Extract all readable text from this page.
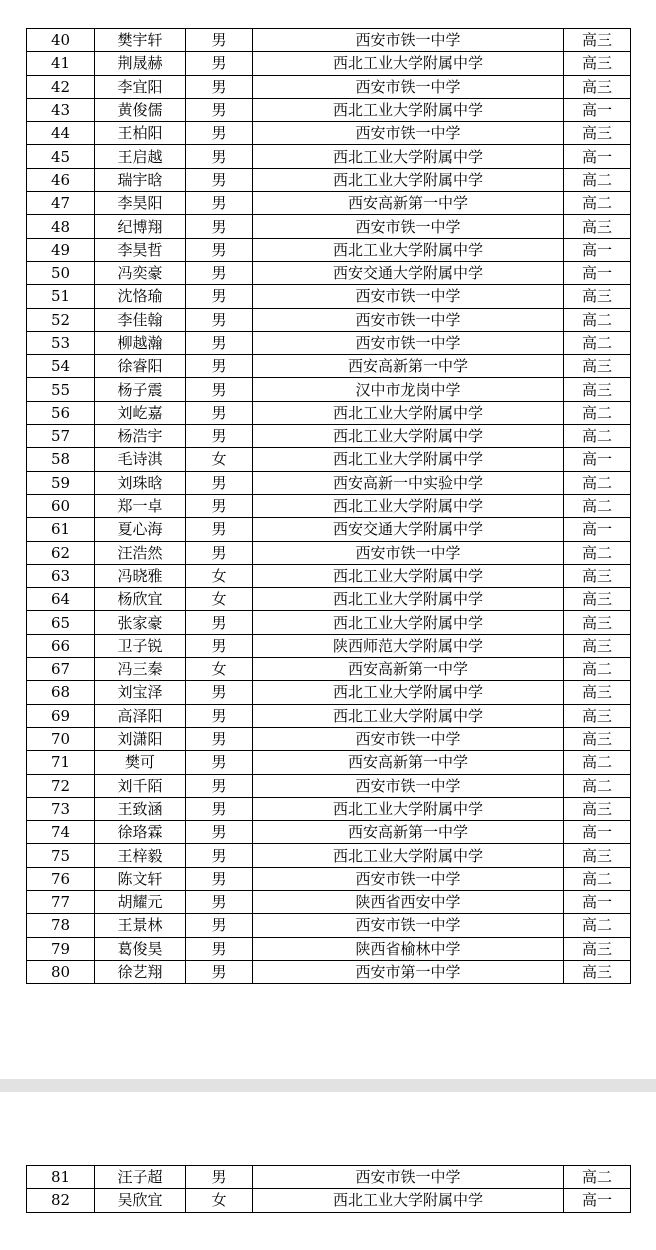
40	樊宇轩	男	西安市铁一中学	高三
41	荆晟赫	男	西北工业大学附属中学	高三
42	李宜阳	男	西安市铁一中学	高三
43	黄俊儒	男	西北工业大学附属中学	高一
44	王柏阳	男	西安市铁一中学	高三
45	王启越	男	西北工业大学附属中学	高一
46	瑞宇晗	男	西北工业大学附属中学	高二
47	李昊阳	男	西安高新第一中学	高二
48	纪博翔	男	西安市铁一中学	高三
49	李昊哲	男	西北工业大学附属中学	高一
50	冯奕豪	男	西安交通大学附属中学	高一
51	沈恪瑜	男	西安市铁一中学	高三
52	李佳翰	男	西安市铁一中学	高二
53	柳越瀚	男	西安市铁一中学	高二
54	徐睿阳	男	西安高新第一中学	高三
55	杨子震	男	汉中市龙岗中学	高三
56	刘屹嘉	男	西北工业大学附属中学	高二
57	杨浩宇	男	西北工业大学附属中学	高二
58	毛诗淇	女	西北工业大学附属中学	高一
59	刘珠晗	男	西安高新一中实验中学	高二
60	郑一卓	男	西北工业大学附属中学	高二
61	夏心海	男	西安交通大学附属中学	高一
62	汪浩然	男	西安市铁一中学	高二
63	冯晓雅	女	西北工业大学附属中学	高三
64	杨欣宜	女	西北工业大学附属中学	高三
65	张家豪	男	西北工业大学附属中学	高三
66	卫子锐	男	陕西师范大学附属中学	高三
67	冯三秦	女	西安高新第一中学	高二
68	刘宝泽	男	西北工业大学附属中学	高三
69	高泽阳	男	西北工业大学附属中学	高三
70	刘潇阳	男	西安市铁一中学	高三
71	樊可	男	西安高新第一中学	高二
72	刘千陌	男	西安市铁一中学	高二
73	王致涵	男	西北工业大学附属中学	高三
74	徐珞霖	男	西安高新第一中学	高一
75	王梓毅	男	西北工业大学附属中学	高三
76	陈文轩	男	西安市铁一中学	高二
77	胡耀元	男	陕西省西安中学	高一
78	王景林	男	西安市铁一中学	高二
79	葛俊昊	男	陕西省榆林中学	高三
80	徐艺翔	男	西安市第一中学	高三
81	汪子超	男	西安市铁一中学	高二
82	吴欣宜	女	西北工业大学附属中学	高一
